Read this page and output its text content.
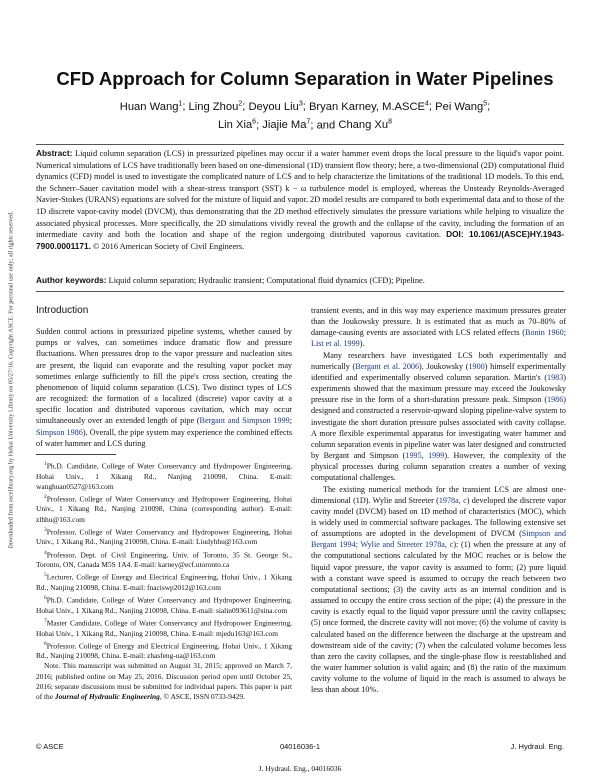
Downloaded from ascelibrary.org by Hohai University Library on 05/27/16. Copyright ASCE. For personal use only; all rights reserved.
CFD Approach for Column Separation in Water Pipelines
Huan Wang$^1$; Ling Zhou$^2$; Deyou Liu$^3$; Bryan Karney, M.ASCE$^4$; Pei Wang$^5$;
Lin Xia$^6$; Jiajie Ma$^7$; and Chang Xu$^8$
Abstract: Liquid column separation (LCS) in pressurized pipelines may occur if a water hammer event drops the local pressure to the liquid's vapor point. Numerical simulations of LCS have traditionally been based on one-dimensional (1D) transient flow theory; here, a two-dimensional (2D) computational fluid dynamics (CFD) model is used to investigate the complicated nature of LCS and to help characterize the limitations of the traditional 1D models. To this end, the Schnerr–Sauer cavitation model with a shear-stress transport (SST) k − ω turbulence model is employed, whereas the Unsteady Reynolds-Averaged Navier-Stokes (URANS) equations are solved for the mixture of liquid and vapor. 2D model results are compared to both experimental data and to those of the 1D discrete vapor-cavity model (DVCM), thus demonstrating that the 2D method effectively simulates the pressure variations while helping to visualize the associated physical processes. More specifically, the 2D simulations vividly reveal the growth and the collapse of the cavity, including the formation of an intermediate cavity and both the location and shape of the region undergoing distributed vaporous cavitation. DOI: 10.1061/(ASCE)HY.1943-7900.0001171. © 2016 American Society of Civil Engineers.
Author keywords: Liquid column separation; Hydraulic transient; Computational fluid dynamics (CFD); Pipeline.
Introduction

Sudden control actions in pressurized pipeline systems, whether caused by pumps or valves, can sometimes induce dramatic flow and pressure fluctuations. When pressures drop to the vapor pressure and nucleation sites are present, the liquid can evaporate and the resulting vapor pocket may sometimes enlarge sufficiently to fill the pipe's cross section, creating the phenomenon of liquid column separation (LCS). Two distinct types of LCS are recognized: the formation of a localized (discrete) vapor cavity at a specific location and distributed vaporous cavitation, which may occur simultaneously over an extended length of pipe (Bergant and Simpson 1999; Simpson 1986). Overall, the pipe system may experience the combined effects of water hammer and LCS during

$^1$Ph.D. Candidate, College of Water Conservancy and Hydropower Engineering, Hohai Univ., 1 Xikang Rd., Nanjing 210098, China. E-mail: wanghuan0527@163.com

$^2$Professor, College of Water Conservancy and Hydropower Engineering, Hohai Univ., 1 Xikang Rd., Nanjing 210098, China (corresponding author). E-mail: zlhhu@163.com

$^3$Professor, College of Water Conservancy and Hydropower Engineering, Hohai Univ., 1 Xikang Rd., Nanjing 210098, China. E-mail: Liudyhhu@163.com

$^4$Professor, Dept. of Civil Engineering, Univ. of Toronto, 35 St. George St., Toronto, ON, Canada M5S 1A4. E-mail: karney@ecf.utoronto.ca

$^5$Lecturer, College of Energy and Electrical Engineering, Hohai Univ., 1 Xikang Rd., Nanjing 210098, China. E-mail: fnaciswp2012@163.com

$^6$Ph.D. Candidate, College of Water Conservancy and Hydropower Engineering, Hohai Univ., 1 Xikang Rd., Nanjing 210098, China. E-mail: sialin093611@sina.com

$^7$Master Candidate, College of Water Conservancy and Hydropower Engineering, Hohai Univ., 1 Xikang Rd., Nanjing 210098, China. E-mail: mjedu163@163.com

$^8$Professor, College of Energy and Electrical Engineering, Hohai Univ., 1 Xikang Rd., Nanjing 210098, China. E-mail: zhasfeng-ua@163.com

Note. This manuscript was submitted on August 31, 2015; approved on March 7, 2016; published online on May 25, 2016. Discussion period open until October 25, 2016; separate discussions must be submitted for individual papers. This paper is part of the Journal of Hydraulic Engineering, © ASCE, ISSN 0733-9429.

transient events, and in this way may experience maximum pressures greater than the Joukowsky pressure. It is estimated that as much as 70–80% of damage-causing events are associated with LCS related effects (Bonin 1960; List et al. 1999).

Many researchers have investigated LCS both experimentally and numerically (Bergant et al. 2006). Joukowsky (1900) himself experimentally identified and experimentally observed column separation. Martin's (1983) experiments showed that the maximum pressure may exceed the Joukowsky pressure rise in the form of a short-duration pressure peak. Simpson (1986) designed and constructed a reservoir-upward sloping pipeline-valve system to investigate the short duration pressure pulses associated with cavity collapse. A more flexible experimental apparatus for investigating water hammer and column separation events in pipeline water was later designed and constructed by Bergant and Simpson (1995, 1999). However, the complexity of the physical processes during column separation creates a number of vexing computational challenges.

The existing numerical methods for the transient LCS are almost one-dimensional (1D). Wylie and Streeter (1978a, c) developed the discrete vapor cavity model (DVCM) based on 1D method of characteristics (MOC), which is widely used in commercial software packages. The following extensive set of assumptions are adopted in the development of DVCM (Simpson and Bergant 1994; Wylie and Streeter 1978a, c): (1) when the pressure at any of the computational sections calculated by the MOC reaches or is below the liquid vapor pressure, the vapor cavity is assumed to form; (2) pure liquid with a constant wave speed is assumed to occupy the reach between two computational sections; (3) the cavity acts as an internal condition and is assumed to occupy the entire cross section of the pipe; (4) the pressure in the cavity is exactly equal to the liquid vapor pressure until the cavity collapses; (5) once formed, the discrete cavity will not move; (6) the volume of cavity is calculated based on the difference between the discharge at the upstream and downstream side of the cavity; (7) when the calculated volume becomes less than zero the cavity collapses, and the single-phase flow is reestablished and the water hammer solution is valid again; and (8) the ratio of the maximum cavity volume to the volume of liquid in the reach is assumed to always be less than about 10%.

© ASCE	04016036-1	J. Hydraul. Eng.
J. Hydraul. Eng., 04016036
